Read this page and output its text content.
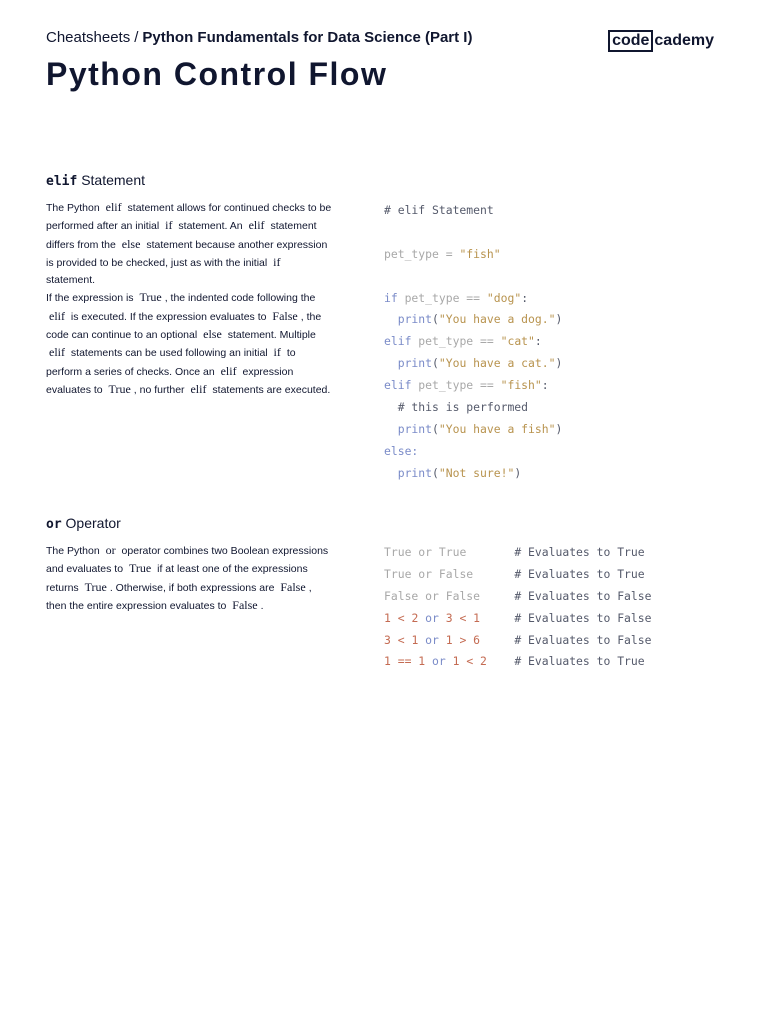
Cheatsheets / Python Fundamentals for Data Science (Part I)	code cademy
Python Control Flow
elif Statement

The Python elif statement allows for continued checks to be performed after an initial if statement. An elif statement differs from the else statement because another expression is provided to be checked, just as with the initial if statement.

If the expression is True , the indented code following the elif is executed. If the expression evaluates to False , the code can continue to an optional else statement. Multiple elif statements can be used following an initial if to perform a series of checks. Once an elif expression evaluates to True , no further elif statements are executed.

# elif Statement
pet_type = "fish"
if pet_type == "dog":
print("You have a dog.")
elif pet_type == "cat":
print("You have a cat.")
elif pet_type == "fish":
# this is performed
print("You have a fish")
else:
print("Not sure!")
or Operator

The Python or operator combines two Boolean expressions and evaluates to True if at least one of the expressions returns True . Otherwise, if both expressions are False , then the entire expression evaluates to False .

True or True	# Evaluates to True
True or False	# Evaluates to True
False or False	# Evaluates to False
1 < 2 or 3 < 1	# Evaluates to False
3 < 1 or 1 > 6	# Evaluates to False
1 == 1 or 1 < 2 # Evaluates to True
